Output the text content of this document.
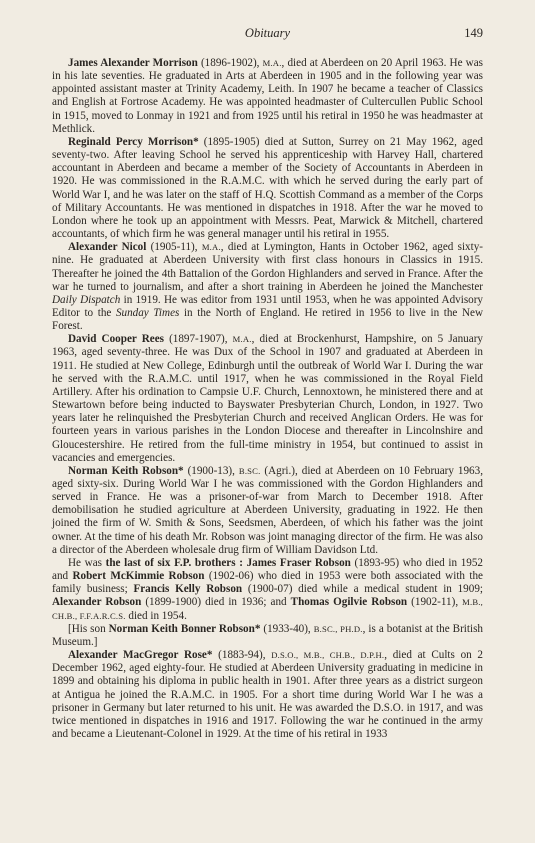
Obituary	149

James Alexander Morrison (1896-1902), M.A., died at Aberdeen on 20 April 1963. He was in his late seventies. He graduated in Arts at Aberdeen in 1905 and in the following year was appointed assistant master at Trinity Academy, Leith. In 1907 he became a teacher of Classics and English at Fortrose Academy. He was appointed headmaster of Cultercullen Public School in 1915, moved to Lonmay in 1921 and from 1925 until his retiral in 1950 he was headmaster at Methlick.

Reginald Percy Morrison* (1895-1905) died at Sutton, Surrey on 21 May 1962, aged seventy-two. After leaving School he served his apprenticeship with Harvey Hall, chartered accountant in Aberdeen and became a member of the Society of Accountants in Aberdeen in 1920. He was commissioned in the R.A.M.C. with which he served during the early part of World War I, and he was later on the staff of H.Q. Scottish Command as a member of the Corps of Military Accountants. He was mentioned in dispatches in 1918. After the war he moved to London where he took up an appointment with Messrs. Peat, Marwick & Mitchell, chartered accountants, of which firm he was general manager until his retiral in 1955.

Alexander Nicol (1905-11), M.A., died at Lymington, Hants in October 1962, aged sixty-nine. He graduated at Aberdeen University with first class honours in Classics in 1915. Thereafter he joined the 4th Battalion of the Gordon Highlanders and served in France. After the war he turned to journalism, and after a short training in Aberdeen he joined the Manchester Daily Dispatch in 1919. He was editor from 1931 until 1953, when he was appointed Advisory Editor to the Sunday Times in the North of England. He retired in 1956 to live in the New Forest.

David Cooper Rees (1897-1907), M.A., died at Brockenhurst, Hampshire, on 5 January 1963, aged seventy-three. He was Dux of the School in 1907 and graduated at Aberdeen in 1911. He studied at New College, Edinburgh until the outbreak of World War I. During the war he served with the R.A.M.C. until 1917, when he was commissioned in the Royal Field Artillery. After his ordination to Campsie U.F. Church, Lennoxtown, he ministered there and at Stewartown before being inducted to Bayswater Presbyterian Church, London, in 1927. Two years later he relinquished the Presbyterian Church and received Anglican Orders. He was for fourteen years in various parishes in the London Diocese and thereafter in Lincolnshire and Gloucestershire. He retired from the full-time ministry in 1954, but continued to assist in vacancies and emergencies.

Norman Keith Robson* (1900-13), B.SC. (Agri.), died at Aberdeen on 10 February 1963, aged sixty-six. During World War I he was commissioned with the Gordon Highlanders and served in France. He was a prisoner-of-war from March to December 1918. After demobilisation he studied agriculture at Aberdeen University, graduating in 1922. He then joined the firm of W. Smith & Sons, Seedsmen, Aberdeen, of which his father was the joint owner. At the time of his death Mr. Robson was joint managing director of the firm. He was also a director of the Aberdeen wholesale drug firm of William Davidson Ltd.

He was the last of six F.P. brothers : James Fraser Robson (1893-95) who died in 1952 and Robert McKimmie Robson (1902-06) who died in 1953 were both associated with the family business; Francis Kelly Robson (1900-07) died while a medical student in 1909; Alexander Robson (1899-1900) died in 1936; and Thomas Ogilvie Robson (1902-11), M.B., CH.B., F.F.A.R.C.S. died in 1954.

[His son Norman Keith Bonner Robson* (1933-40), B.SC., PH.D., is a botanist at the British Museum.]

Alexander MacGregor Rose* (1883-94), D.S.O., M.B., CH.B., D.P.H., died at Cults on 2 December 1962, aged eighty-four. He studied at Aberdeen University graduating in medicine in 1899 and obtaining his diploma in public health in 1901. After three years as a district surgeon at Antigua he joined the R.A.M.C. in 1905. For a short time during World War I he was a prisoner in Germany but later returned to his unit. He was awarded the D.S.O. in 1917, and was twice mentioned in dispatches in 1916 and 1917. Following the war he continued in the army and became a Lieutenant-Colonel in 1929. At the time of his retiral in 1933
